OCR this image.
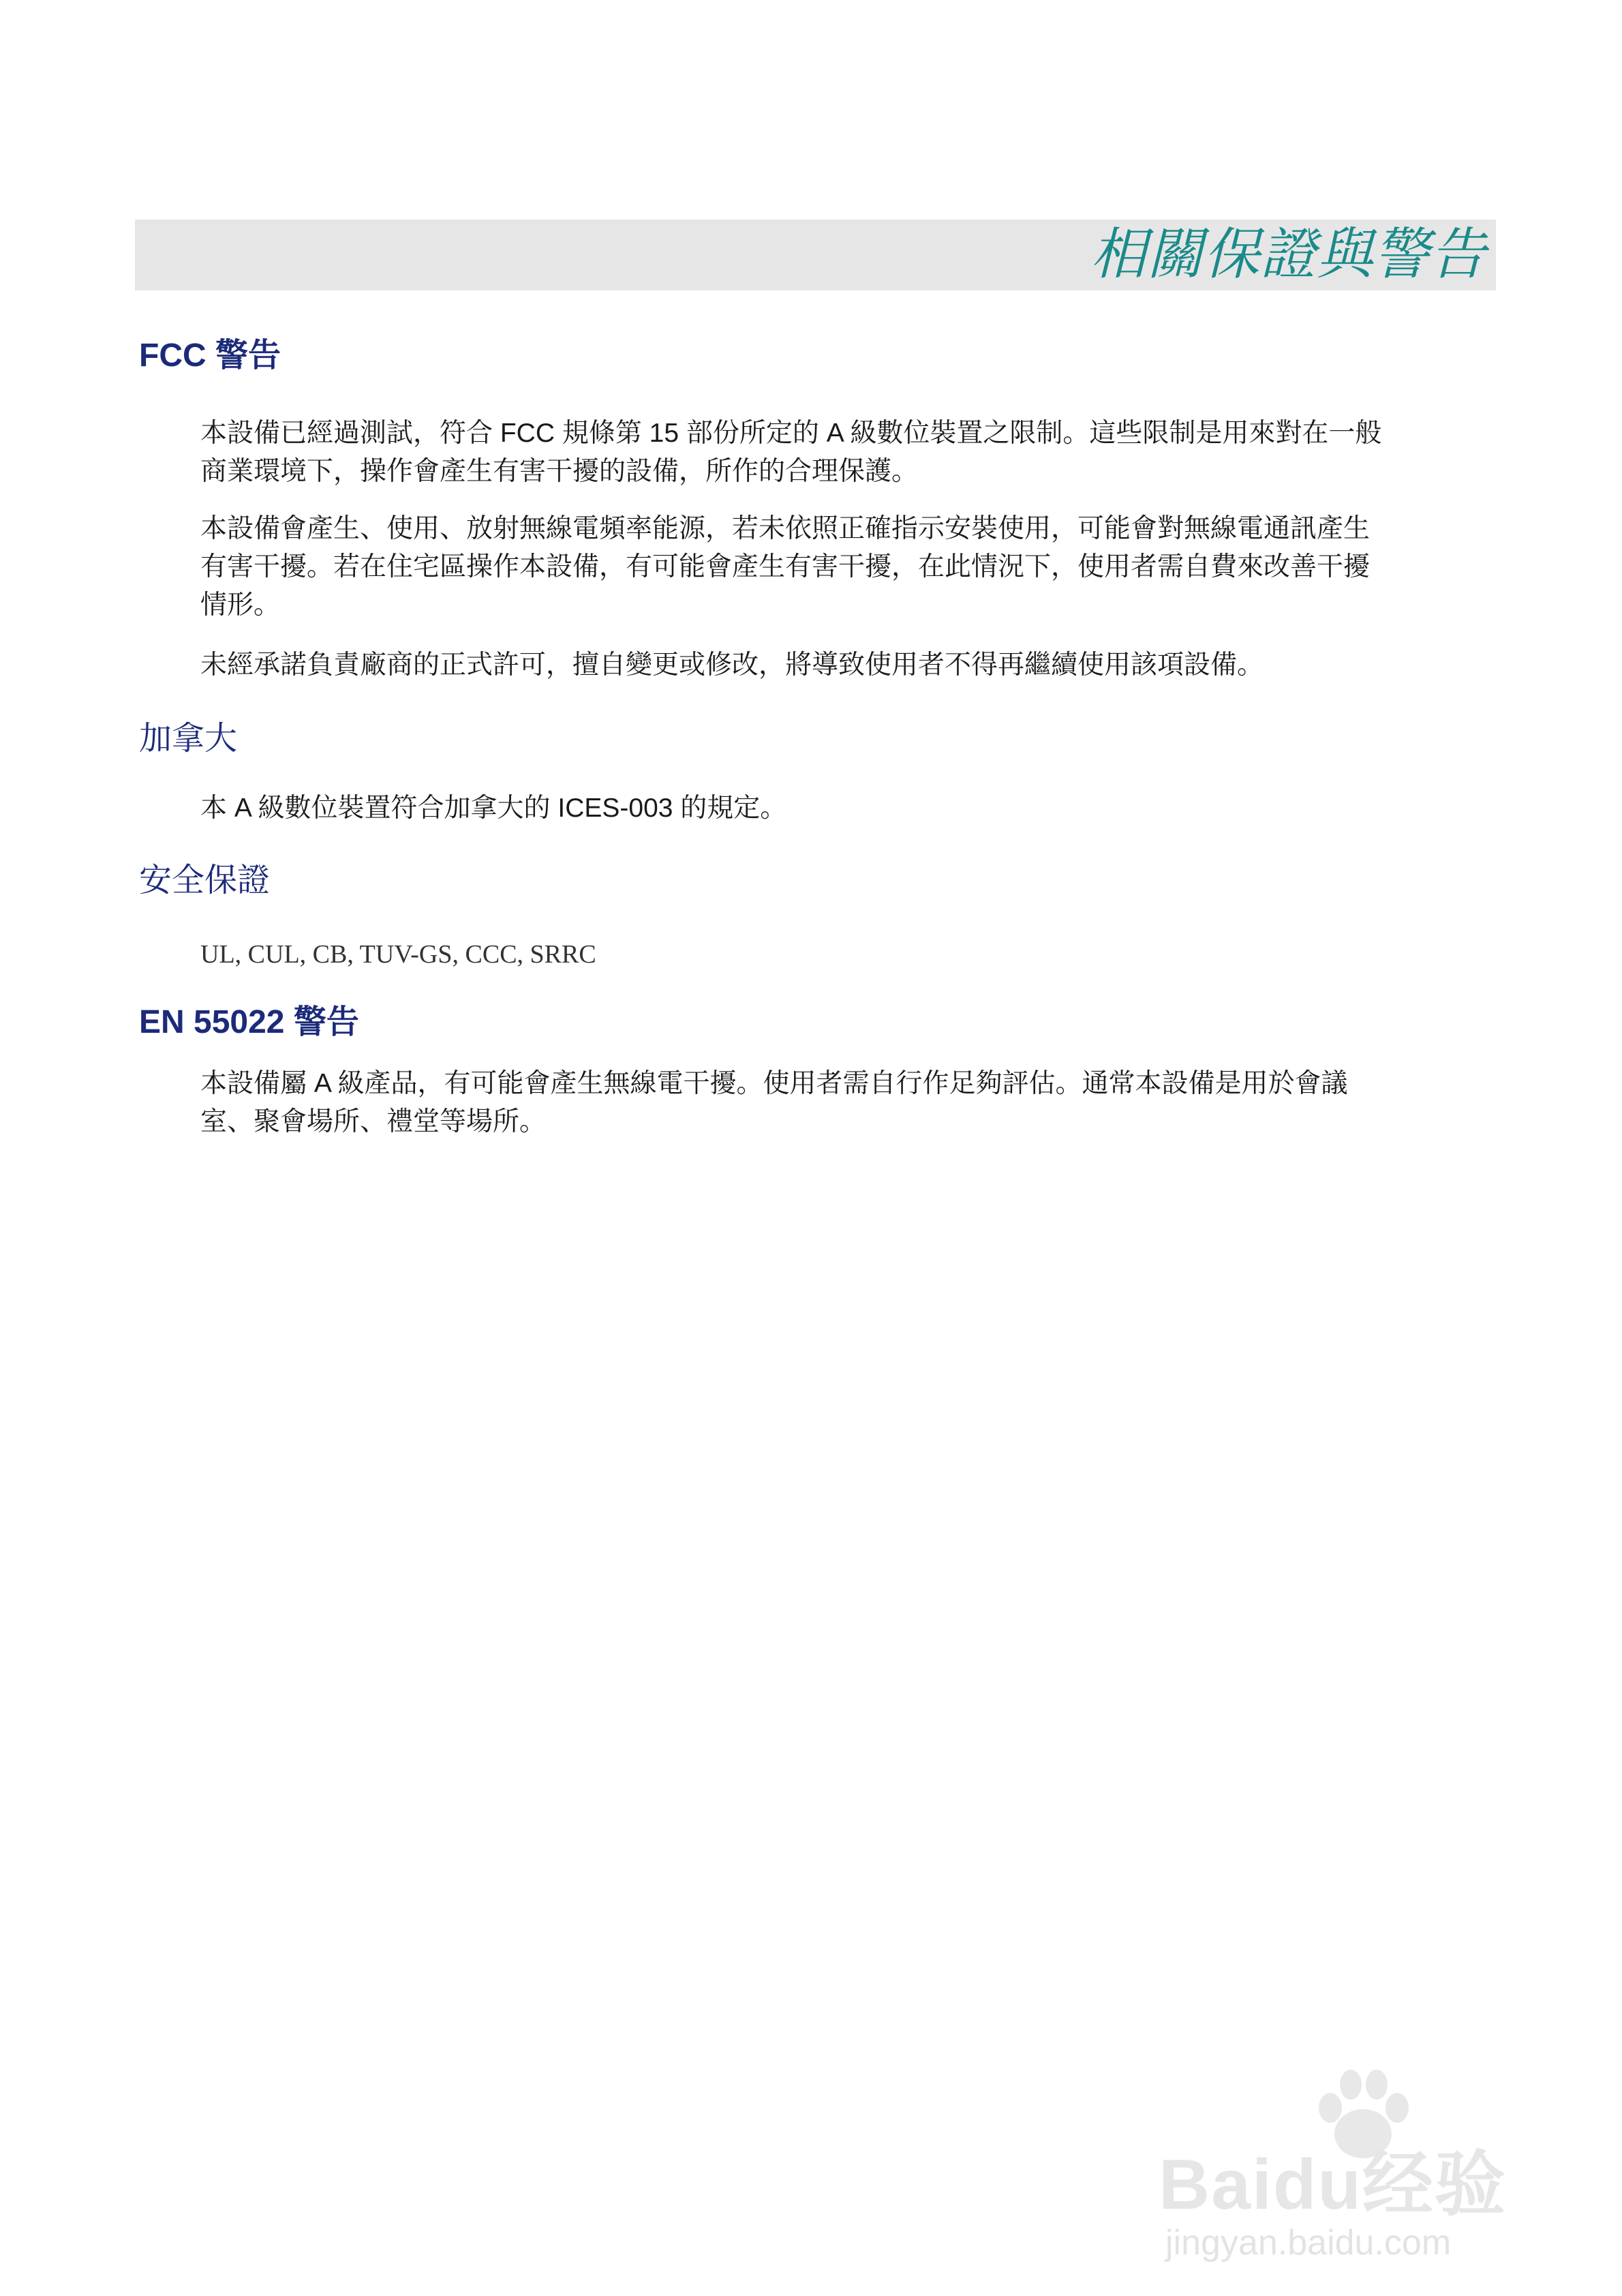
相關保證與警告
FCC 警告
本設備已經過測試，符合 FCC 規條第 15 部份所定的 A 級數位裝置之限制。這些限制是用來對在一般
商業環境下，操作會產生有害干擾的設備，所作的合理保護。
本設備會產生、使用、放射無線電頻率能源，若未依照正確指示安裝使用，可能會對無線電通訊產生
有害干擾。若在住宅區操作本設備，有可能會產生有害干擾，在此情況下，使用者需自費來改善干擾
情形。
未經承諾負責廠商的正式許可，擅自變更或修改，將導致使用者不得再繼續使用該項設備。
加拿大
本 A 級數位裝置符合加拿大的 ICES-003 的規定。
安全保證
UL, CUL, CB, TUV-GS, CCC, SRRC
EN 55022 警告
本設備屬 A 級產品，有可能會產生無線電干擾。使用者需自行作足夠評估。通常本設備是用於會議
室、聚會場所、禮堂等場所。
Baidu经验
jingyan.baidu.com
